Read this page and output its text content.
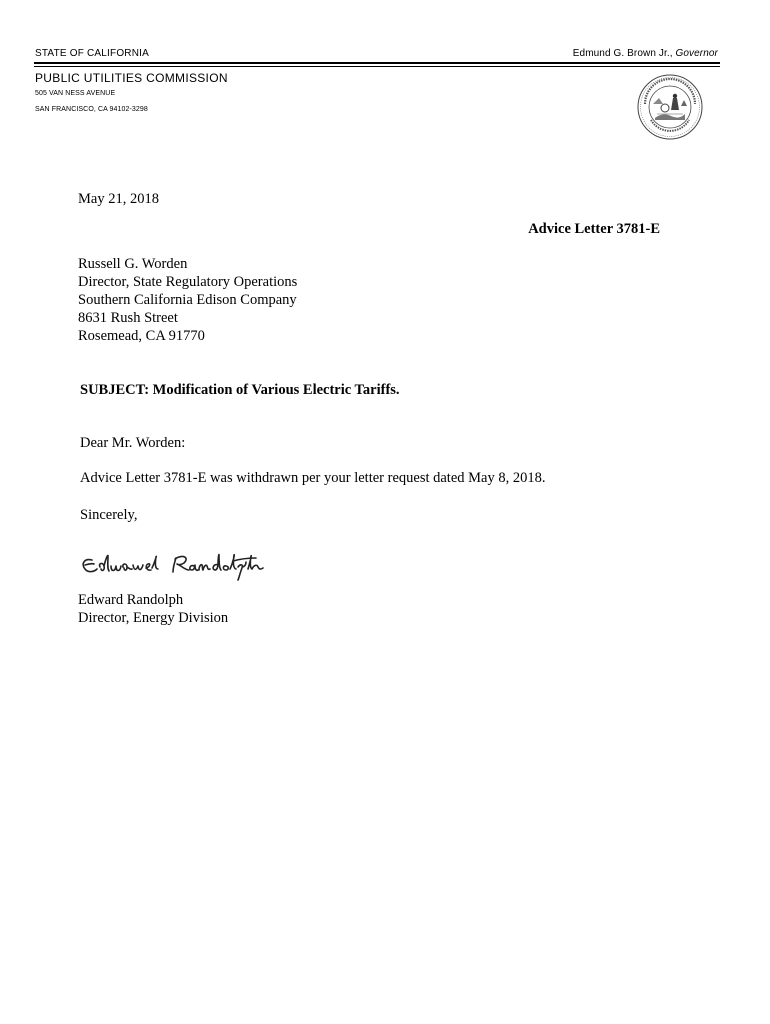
STATE OF CALIFORNIA	Edmund G. Brown Jr., Governor
PUBLIC UTILITIES COMMISSION
505 VAN NESS AVENUE
SAN FRANCISCO, CA 94102-3298
May 21, 2018
Advice Letter 3781-E
Russell G. Worden
Director, State Regulatory Operations
Southern California Edison Company
8631 Rush Street
Rosemead, CA 91770
SUBJECT: Modification of Various Electric Tariffs.
Dear Mr. Worden:
Advice Letter 3781-E was withdrawn per your letter request dated May 8, 2018.
Sincerely,
Edward Randolph
Director, Energy Division
